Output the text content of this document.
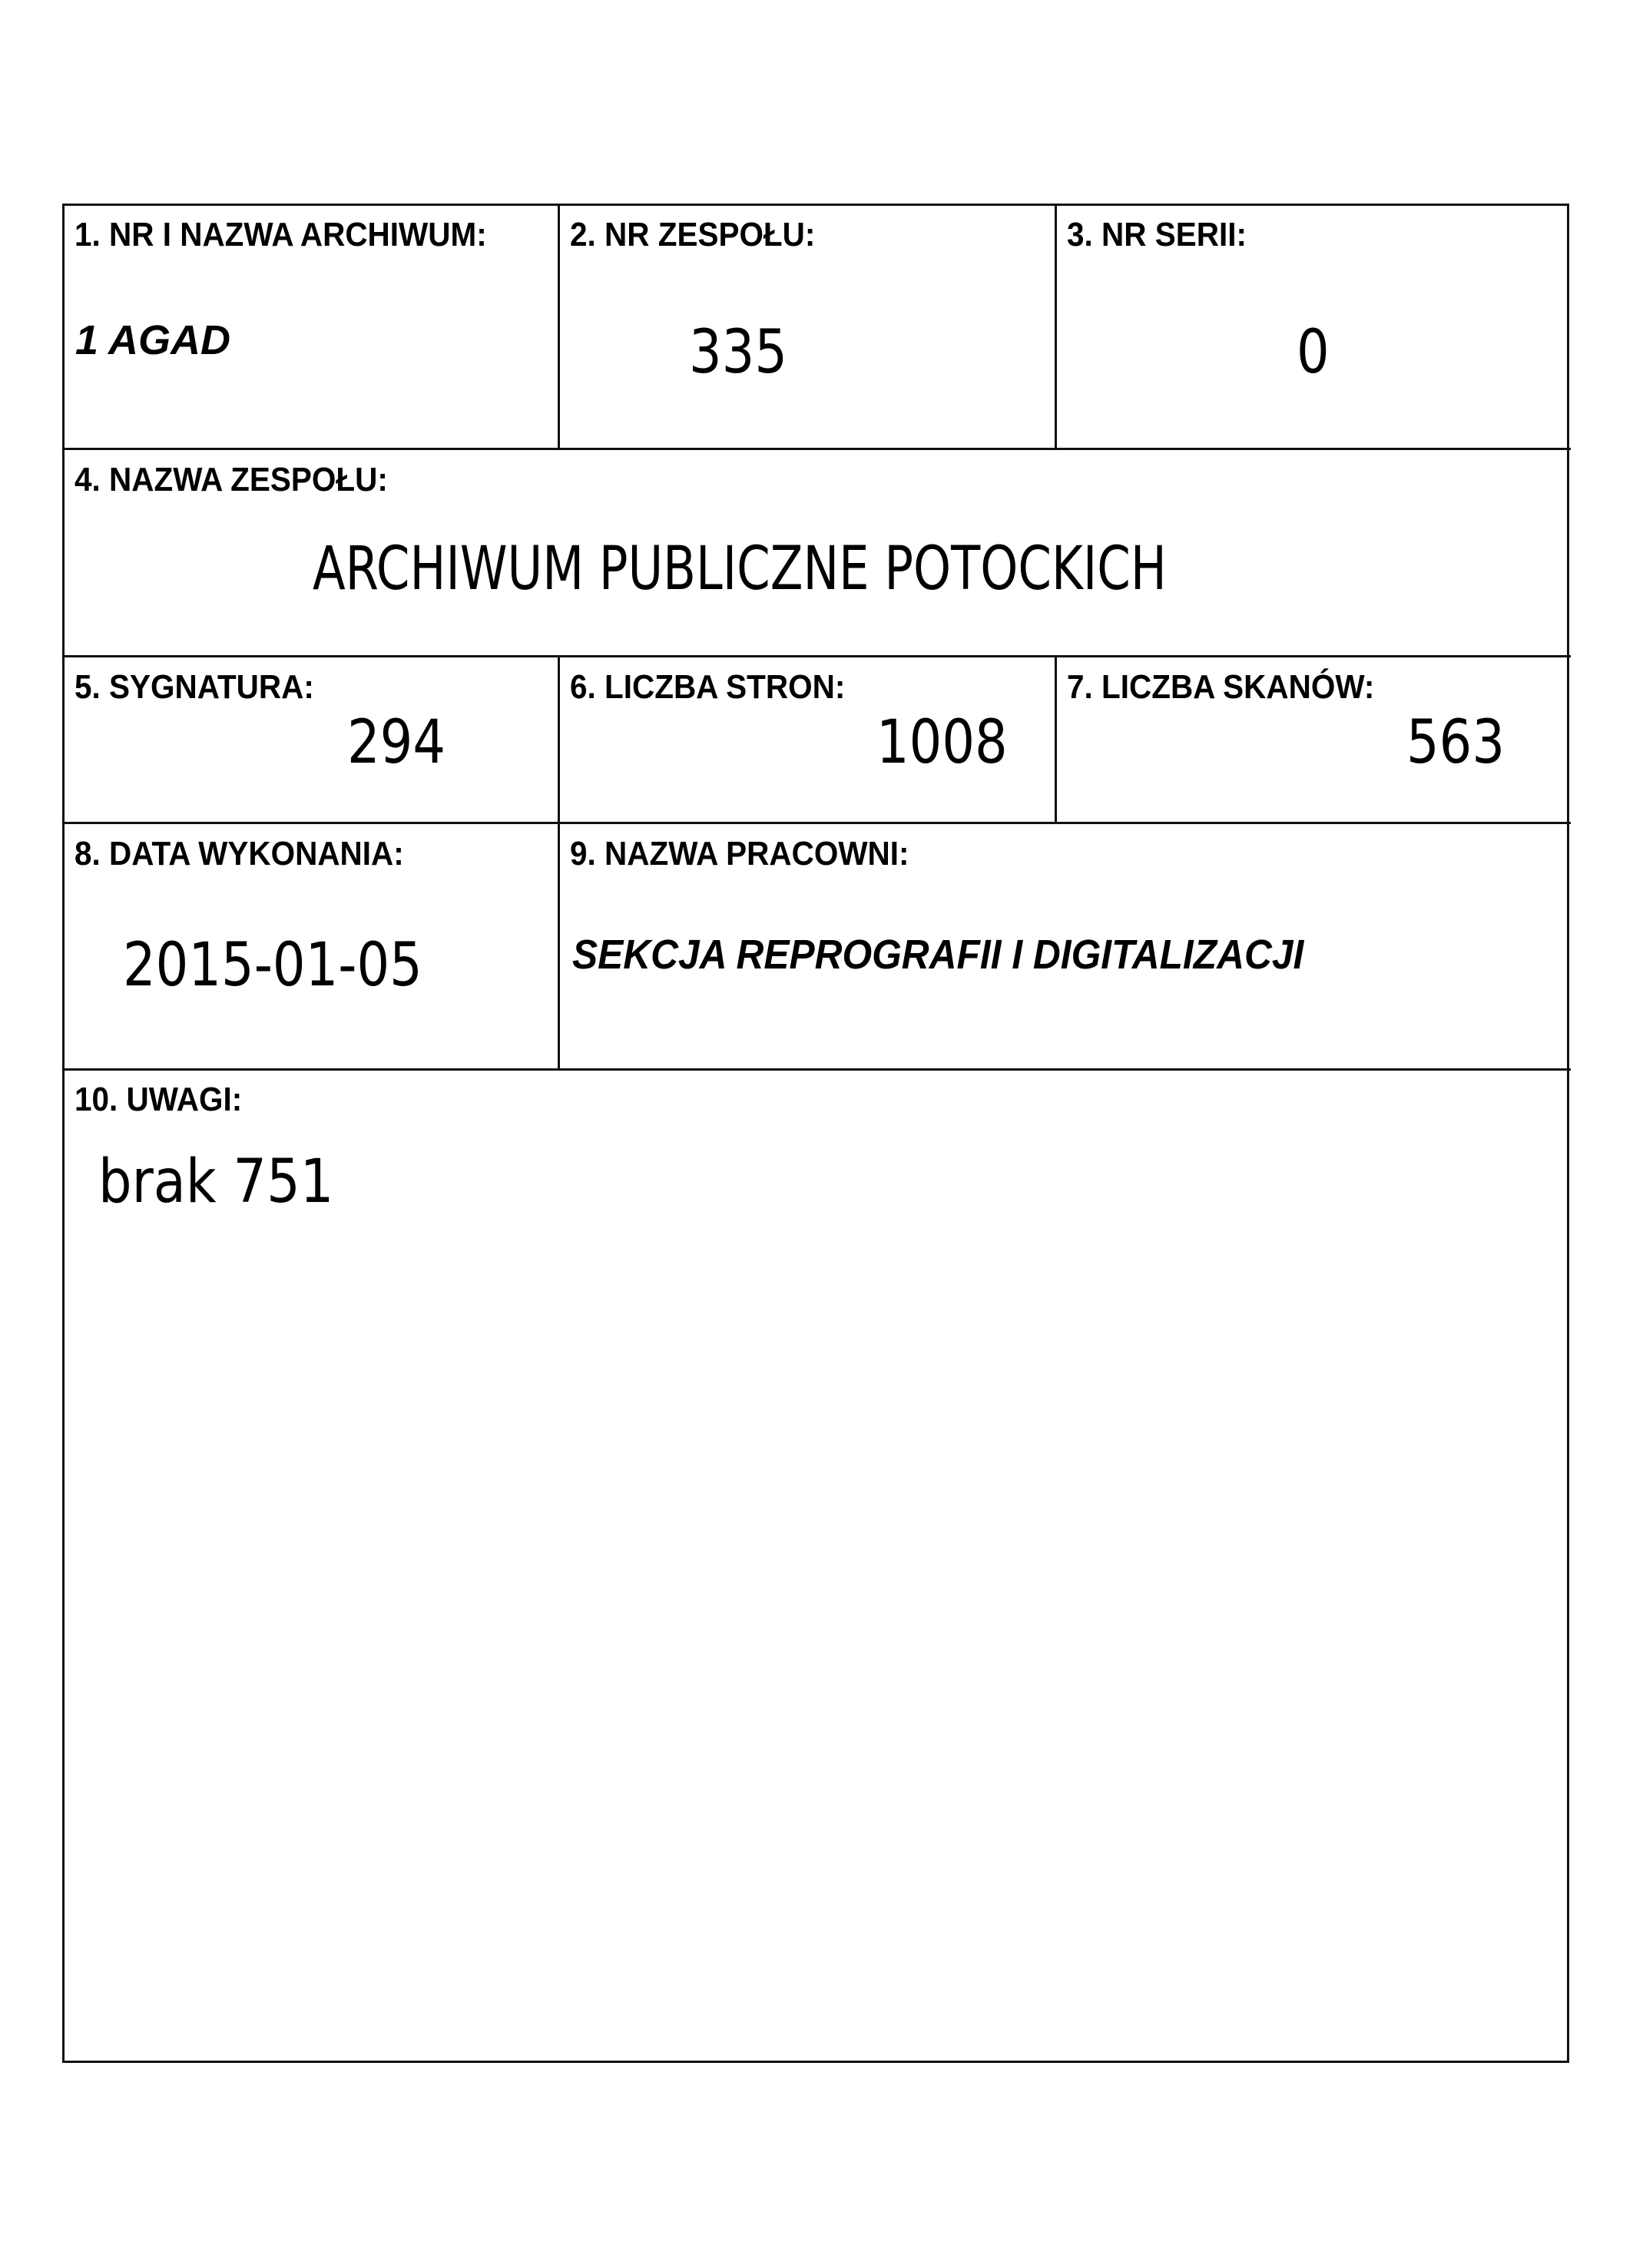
1. NR I NAZWA ARCHIWUM:
1 AGAD
2. NR ZESPOŁU:
335
3. NR SERII:
0
4. NAZWA ZESPOŁU:
ARCHIWUM PUBLICZNE POTOCKICH
5. SYGNATURA:
294
6. LICZBA STRON:
1008
7. LICZBA SKANÓW:
563
8. DATA WYKONANIA:
2015-01-05
9. NAZWA PRACOWNI:
SEKCJA REPROGRAFII I DIGITALIZACJI
10. UWAGI:
brak 751
